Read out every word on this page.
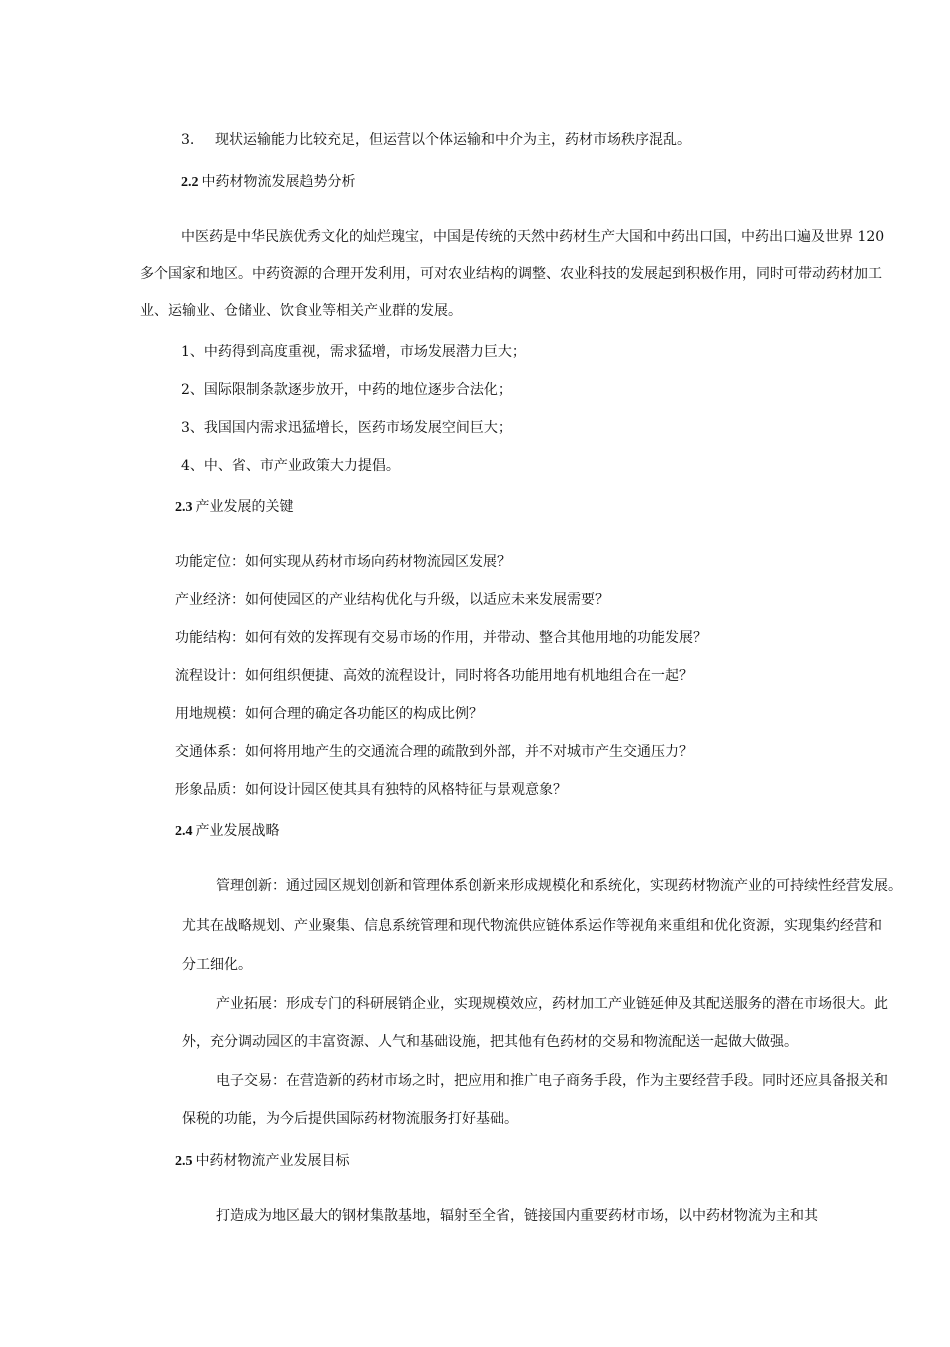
3. 现状运输能力比较充足，但运营以个体运输和中介为主，药材市场秩序混乱。
2.2 中药材物流发展趋势分析
中医药是中华民族优秀文化的灿烂瑰宝，中国是传统的天然中药材生产大国和中药出口国，中药出口遍及世界 120
多个国家和地区。中药资源的合理开发利用，可对农业结构的调整、农业科技的发展起到积极作用，同时可带动药材加工
业、运输业、仓储业、饮食业等相关产业群的发展。
1、中药得到高度重视，需求猛增，市场发展潜力巨大；
2、国际限制条款逐步放开，中药的地位逐步合法化；
3、我国国内需求迅猛增长，医药市场发展空间巨大；
4、中、省、市产业政策大力提倡。
2.3 产业发展的关键
功能定位：如何实现从药材市场向药材物流园区发展？
产业经济：如何使园区的产业结构优化与升级，以适应未来发展需要？
功能结构：如何有效的发挥现有交易市场的作用，并带动、整合其他用地的功能发展？
流程设计：如何组织便捷、高效的流程设计，同时将各功能用地有机地组合在一起？
用地规模：如何合理的确定各功能区的构成比例？
交通体系：如何将用地产生的交通流合理的疏散到外部，并不对城市产生交通压力？
形象品质：如何设计园区使其具有独特的风格特征与景观意象？
2.4 产业发展战略
管理创新：通过园区规划创新和管理体系创新来形成规模化和系统化，实现药材物流产业的可持续性经营发展。
尤其在战略规划、产业聚集、信息系统管理和现代物流供应链体系运作等视角来重组和优化资源，实现集约经营和
分工细化。
产业拓展：形成专门的科研展销企业，实现规模效应，药材加工产业链延伸及其配送服务的潜在市场很大。此
外，充分调动园区的丰富资源、人气和基础设施，把其他有色药材的交易和物流配送一起做大做强。
电子交易：在营造新的药材市场之时，把应用和推广电子商务手段，作为主要经营手段。同时还应具备报关和
保税的功能，为今后提供国际药材物流服务打好基础。
2.5 中药材物流产业发展目标
打造成为地区最大的钢材集散基地，辐射至全省，链接国内重要药材市场，以中药材物流为主和其
